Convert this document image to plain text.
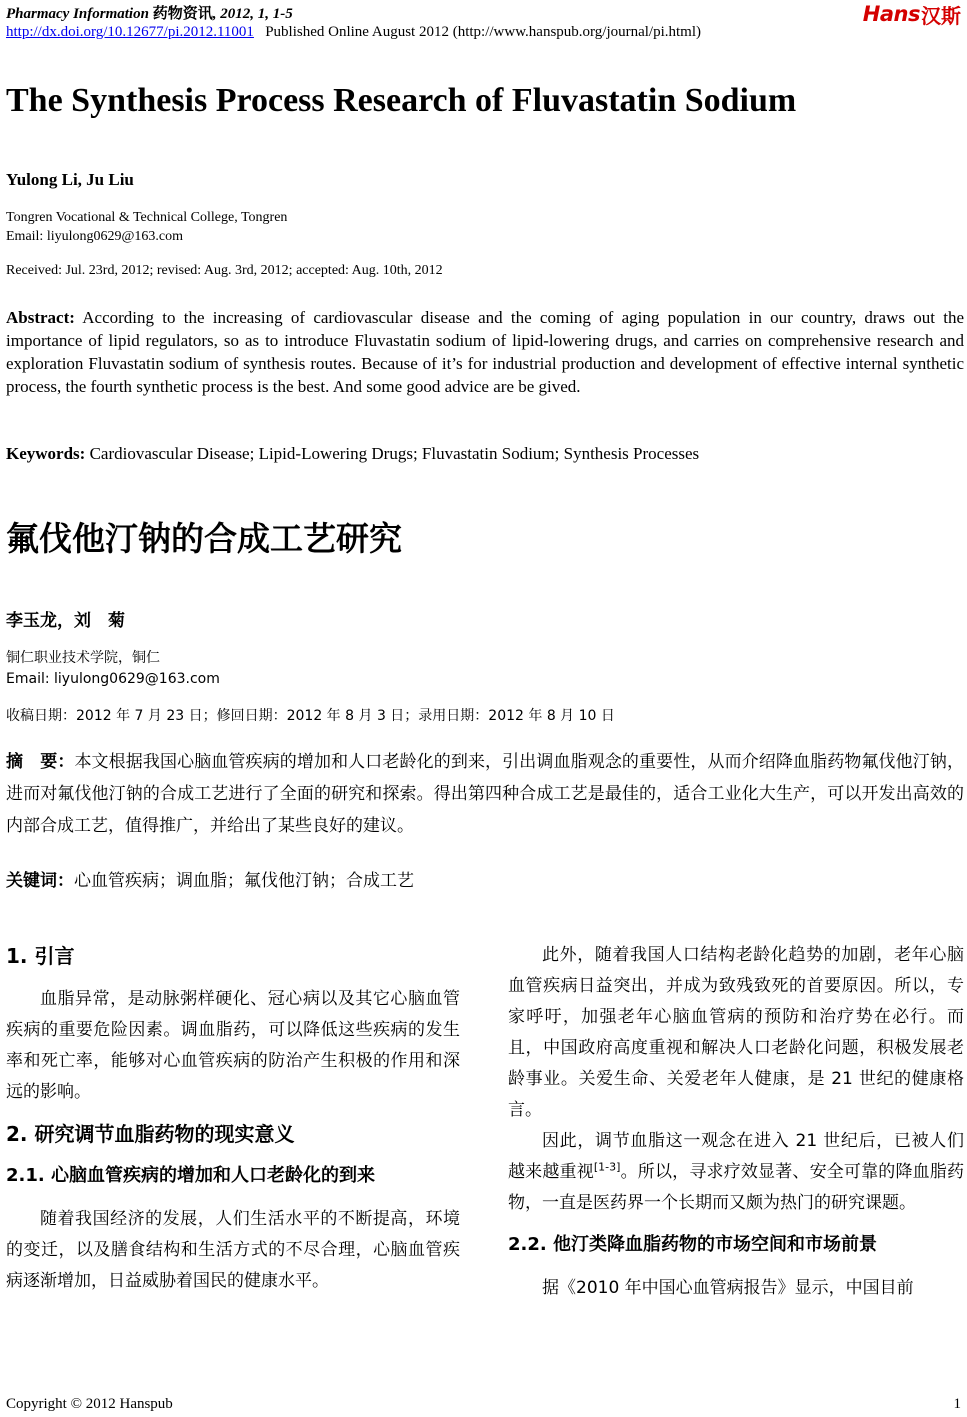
Pharmacy Information 药物资讯, 2012, 1, 1-5
http://dx.doi.org/10.12677/pi.2012.11001 Published Online August 2012 (http://www.hanspub.org/journal/pi.html)
Hans 汉斯
The Synthesis Process Research of Fluvastatin Sodium
Yulong Li, Ju Liu
Tongren Vocational & Technical College, Tongren
Email: liyulong0629@163.com
Received: Jul. 23rd, 2012; revised: Aug. 3rd, 2012; accepted: Aug. 10th, 2012
Abstract: According to the increasing of cardiovascular disease and the coming of aging population in our country, draws out the importance of lipid regulators, so as to introduce Fluvastatin sodium of lipid-lowering drugs, and carries on comprehensive research and exploration Fluvastatin sodium of synthesis routes. Because of it’s for industrial production and development of effective internal synthetic process, the fourth synthetic process is the best. And some good advice are be gived.
Keywords: Cardiovascular Disease; Lipid-Lowering Drugs; Fluvastatin Sodium; Synthesis Processes
氟伐他汀钠的合成工艺研究
李玉龙，刘　菊
铜仁职业技术学院，铜仁
Email: liyulong0629@163.com
收稿日期：2012 年 7 月 23 日；修回日期：2012 年 8 月 3 日；录用日期：2012 年 8 月 10 日
摘　要：本文根据我国心脑血管疾病的增加和人口老龄化的到来，引出调血脂观念的重要性，从而介绍降血脂药物氟伐他汀钠，进而对氟伐他汀钠的合成工艺进行了全面的研究和探索。得出第四种合成工艺是最佳的，适合工业化大生产，可以开发出高效的内部合成工艺，值得推广，并给出了某些良好的建议。
关键词：心血管疾病；调血脂；氟伐他汀钠；合成工艺
1. 引言

血脂异常，是动脉粥样硬化、冠心病以及其它心脑血管疾病的重要危险因素。调血脂药，可以降低这些疾病的发生率和死亡率，能够对心血管疾病的防治产生积极的作用和深远的影响。

2. 研究调节血脂药物的现实意义
2.1. 心脑血管疾病的增加和人口老龄化的到来

随着我国经济的发展，人们生活水平的不断提高，环境的变迁，以及膳食结构和生活方式的不尽合理，心脑血管疾病逐渐增加，日益威胁着国民的健康水平。

此外，随着我国人口结构老龄化趋势的加剧，老年心脑血管疾病日益突出，并成为致残致死的首要原因。所以，专家呼吁，加强老年心脑血管病的预防和治疗势在必行。而且，中国政府高度重视和解决人口老龄化问题，积极发展老龄事业。关爱生命、关爱老年人健康，是 21 世纪的健康格言。

因此，调节血脂这一观念在进入 21 世纪后，已被人们越来越重视[1-3]。所以，寻求疗效显著、安全可靠的降血脂药物，一直是医药界一个长期而又颇为热门的研究课题。

2.2. 他汀类降血脂药物的市场空间和市场前景

据《2010 年中国心血管病报告》显示，中国目前

Copyright © 2012 Hanspub	1
